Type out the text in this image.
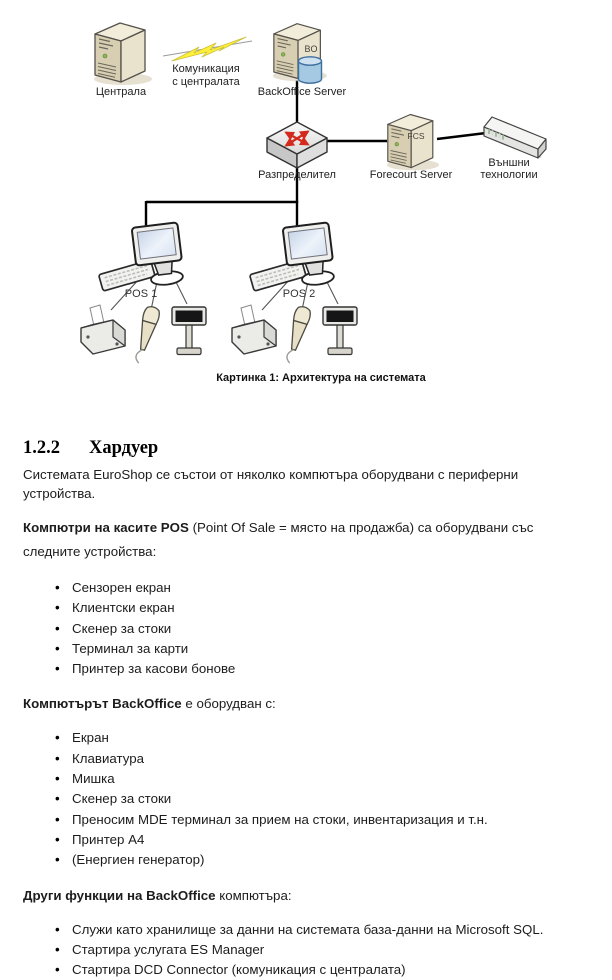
Централа
Комуникация
с централата
BO
BackOffice Server
Разпределител
FCS
Forecourt Server
Външни
технологии
POS 1	POS 2
Картинка 1: Архитектура на системата
1.2.2 Хардуер

Системата EuroShop се състои от няколко компютъра оборудвани с периферни устройства.

Компютри на касите POS (Point Of Sale = място на продажба) са оборудвани със следните устройства:

• Сензорен екран
• Клиентски екран
• Скенер за стоки
• Терминал за карти
• Принтер за касови бонове

Компютърът BackOffice е оборудван с:

• Екран
• Клавиатура
• Мишка
• Скенер за стоки
• Преносим MDE терминал за прием на стоки, инвентаризация и т.н.
• Принтер A4
• (Енергиен генератор)

Други функции на BackOffice компютъра:

• Служи като хранилище за данни на системата база-данни на Microsoft SQL.
• Стартира услугата ES Manager
• Стартира DCD Connector (комуникация с централата)
